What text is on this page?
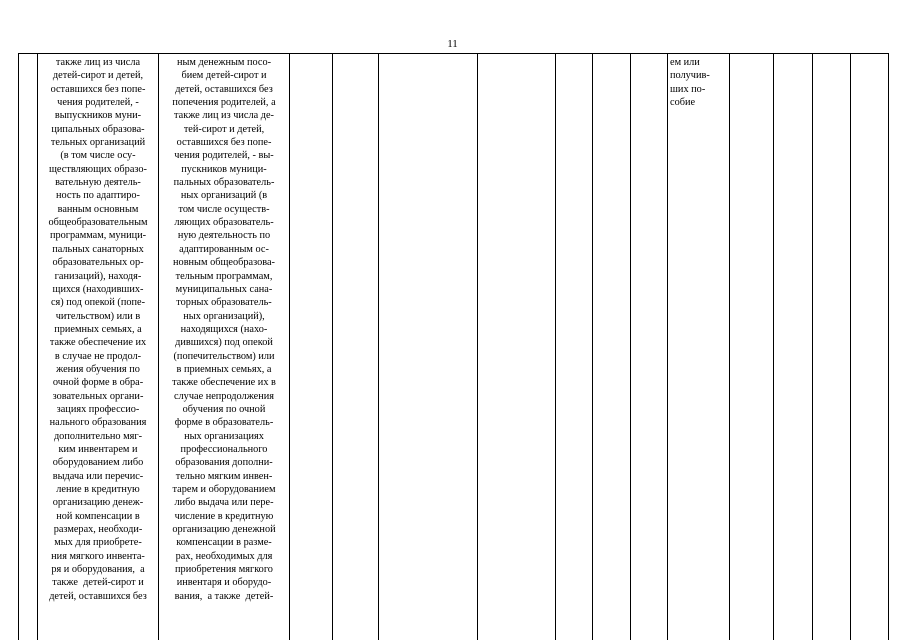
11
также лиц из числа
детей-сирот и детей,
оставшихся без попе-
чения родителей, -
выпускников муни-
ципальных образова-
тельных организаций
(в том числе осу-
ществляющих образо-
вательную деятель-
ность по адаптиро-
ванным основным
общеобразовательным
программам, муници-
пальных санаторных
образовательных ор-
ганизаций), находя-
щихся (находивших-
ся) под опекой (попе-
чительством) или в
приемных семьях, а
также обеспечение их
в случае не продол-
жения обучения по
очной форме в обра-
зовательных органи-
зациях профессио-
нального образования
дополнительно мяг-
ким инвентарем и
оборудованием либо
выдача или перечис-
ление в кредитную
организацию денеж-
ной компенсации в
размерах, необходи-
мых для приобрете-
ния мягкого инвента-
ря и оборудования,  а
также  детей-сирот и
детей, оставшихся без
ным денежным посо-
бием детей-сирот и
детей, оставшихся без
попечения родителей, а
также лиц из числа де-
тей-сирот и детей,
оставшихся без попе-
чения родителей, - вы-
пускников муници-
пальных образователь-
ных организаций (в
том числе осуществ-
ляющих образователь-
ную деятельность по
адаптированным ос-
новным общеобразова-
тельным программам,
муниципальных сана-
торных образователь-
ных организаций),
находящихся (нахо-
дившихся) под опекой
(попечительством) или
в приемных семьях, а
также обеспечение их в
случае непродолжения
обучения по очной
форме в образователь-
ных организациях
профессионального
образования дополни-
тельно мягким инвен-
тарем и оборудованием
либо выдача или пере-
числение в кредитную
организацию денежной
компенсации в разме-
рах, необходимых для
приобретения мягкого
инвентаря и оборудо-
вания,  а также  детей-
ем или
получив-
ших по-
собие
